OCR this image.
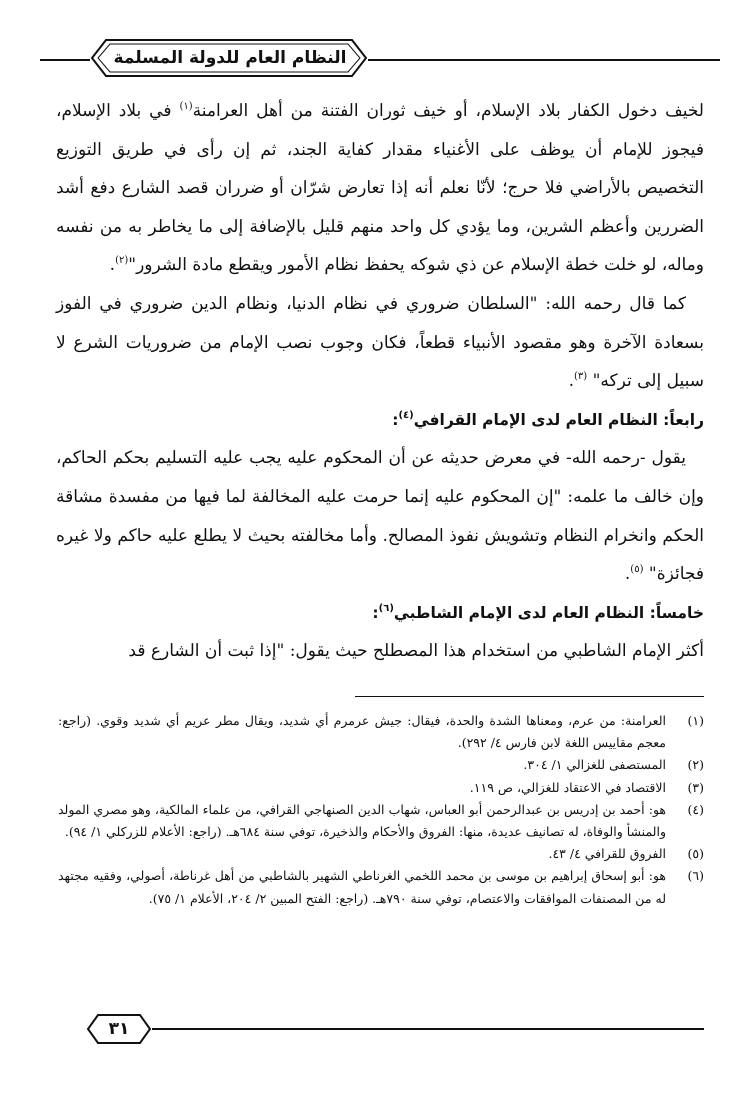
النظام العام للدولة المسلمة

لخيف دخول الكفار بلاد الإسلام، أو خيف ثوران الفتنة من أهل العرامنة$^{(١)}$ في بلاد الإسلام، فيجوز للإمام أن يوظف على الأغنياء مقدار كفاية الجند، ثم إن رأى في طريق التوزيع التخصيص بالأراضي فلا حرج؛ لأنّا نعلم أنه إذا تعارض شرّان أو ضرران قصد الشارع دفع أشد الضررين وأعظم الشرين، وما يؤدي كل واحد منهم قليل بالإضافة إلى ما يخاطر به من نفسه وماله، لو خلت خطة الإسلام عن ذي شوكه يحفظ نظام الأمور ويقطع مادة الشرور"$^{(٢)}$.

كما قال رحمه الله: "السلطان ضروري في نظام الدنيا، ونظام الدين ضروري في الفوز بسعادة الآخرة وهو مقصود الأنبياء قطعاً، فكان وجوب نصب الإمام من ضروريات الشرع لا سبيل إلى تركه" $^{(٣)}$.

رابعاً: النظام العام لدى الإمام القرافي$^{(٤)}$:

يقول -رحمه الله- في معرض حديثه عن أن المحكوم عليه يجب عليه التسليم بحكم الحاكم، وإن خالف ما علمه: "إن المحكوم عليه إنما حرمت عليه المخالفة لما فيها من مفسدة مشاقة الحكم وانخرام النظام وتشويش نفوذ المصالح. وأما مخالفته بحيث لا يطلع عليه حاكم ولا غيره فجائزة" $^{(٥)}$.

خامساً: النظام العام لدى الإمام الشاطبي$^{(٦)}$:

أكثر الإمام الشاطبي من استخدام هذا المصطلح حيث يقول: "إذا ثبت أن الشارع قد

(١)
العرامنة: من عرم، ومعناها الشدة والحدة، فيقال: جيش عرمرم أي شديد، ويقال مطر عريم أي شديد وقوي. (راجع: معجم مقاييس اللغة لابن فارس ٤/ ٢٩٢).
(٢)
المستصفى للغزالي ١/ ٣٠٤.
(٣)
الاقتصاد في الاعتقاد للغزالي، ص ١١٩.
(٤)
هو: أحمد بن إدريس بن عبدالرحمن أبو العباس، شهاب الدين الصنهاجي القرافي، من علماء المالكية، وهو مصري المولد والمنشأ والوفاة، له تصانيف عديدة، منها: الفروق والأحكام والذخيرة، توفي سنة ٦٨٤هـ. (راجع: الأعلام للزركلي ١/ ٩٤).
(٥)
الفروق للقرافي ٤/ ٤٣.
(٦)
هو: أبو إسحاق إبراهيم بن موسى بن محمد اللخمي الغرناطي الشهير بالشاطبي من أهل غرناطة، أصولي، وفقيه مجتهد له من المصنفات الموافقات والاعتصام، توفي سنة ٧٩٠هـ. (راجع: الفتح المبين ٢/ ٢٠٤، الأعلام ١/ ٧٥).
٣١
